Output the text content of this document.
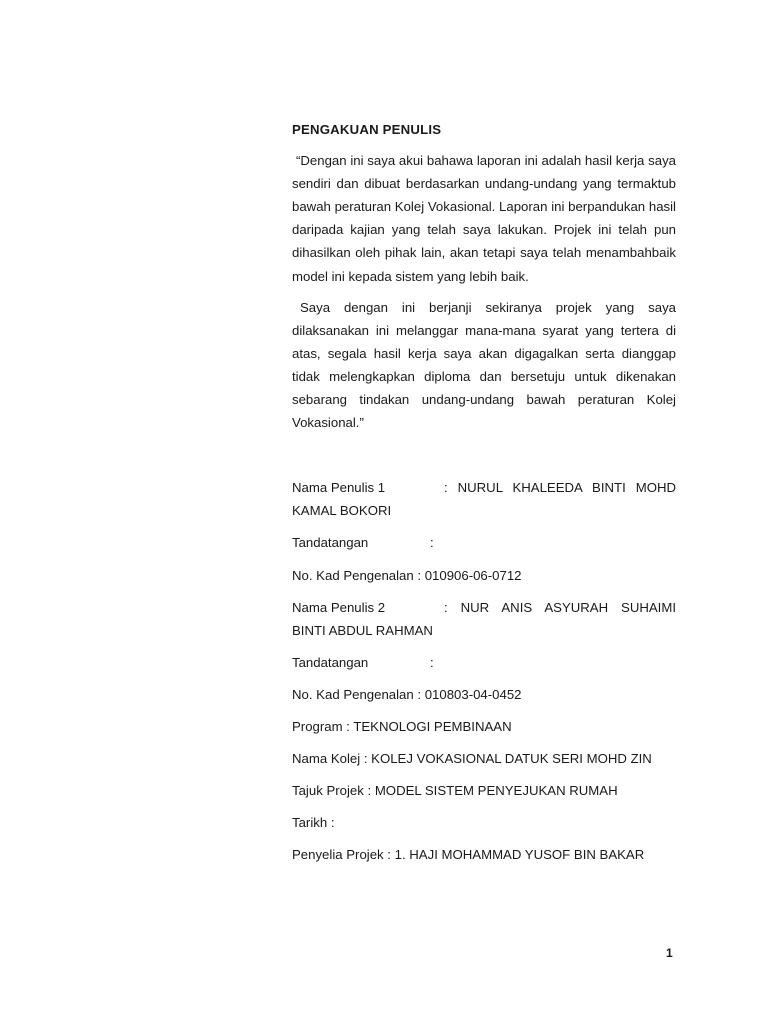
PENGAKUAN PENULIS

“Dengan ini saya akui bahawa laporan ini adalah hasil kerja saya sendiri dan dibuat berdasarkan undang-undang yang termaktub bawah peraturan Kolej Vokasional. Laporan ini berpandukan hasil daripada kajian yang telah saya lakukan. Projek ini telah pun dihasilkan oleh pihak lain, akan tetapi saya telah menambahbaik model ini kepada sistem yang lebih baik.

Saya dengan ini berjanji sekiranya projek yang saya dilaksanakan ini melanggar mana-mana syarat yang tertera di atas, segala hasil kerja saya akan digagalkan serta dianggap tidak melengkapkan diploma dan bersetuju untuk dikenakan sebarang tindakan undang-undang bawah peraturan Kolej Vokasional.”

Nama Penulis 1	: NURUL KHALEEDA BINTI MOHD KAMAL BOKORI
Tandatangan	:
No. Kad Pengenalan : 010906-06-0712
Nama Penulis 2	: NUR ANIS ASYURAH SUHAIMI BINTI ABDUL RAHMAN
Tandatangan	:
No. Kad Pengenalan : 010803-04-0452
Program : TEKNOLOGI PEMBINAAN
Nama Kolej : KOLEJ VOKASIONAL DATUK SERI MOHD ZIN
Tajuk Projek : MODEL SISTEM PENYEJUKAN RUMAH
Tarikh :
Penyelia Projek : 1. HAJI MOHAMMAD YUSOF BIN BAKAR
1
